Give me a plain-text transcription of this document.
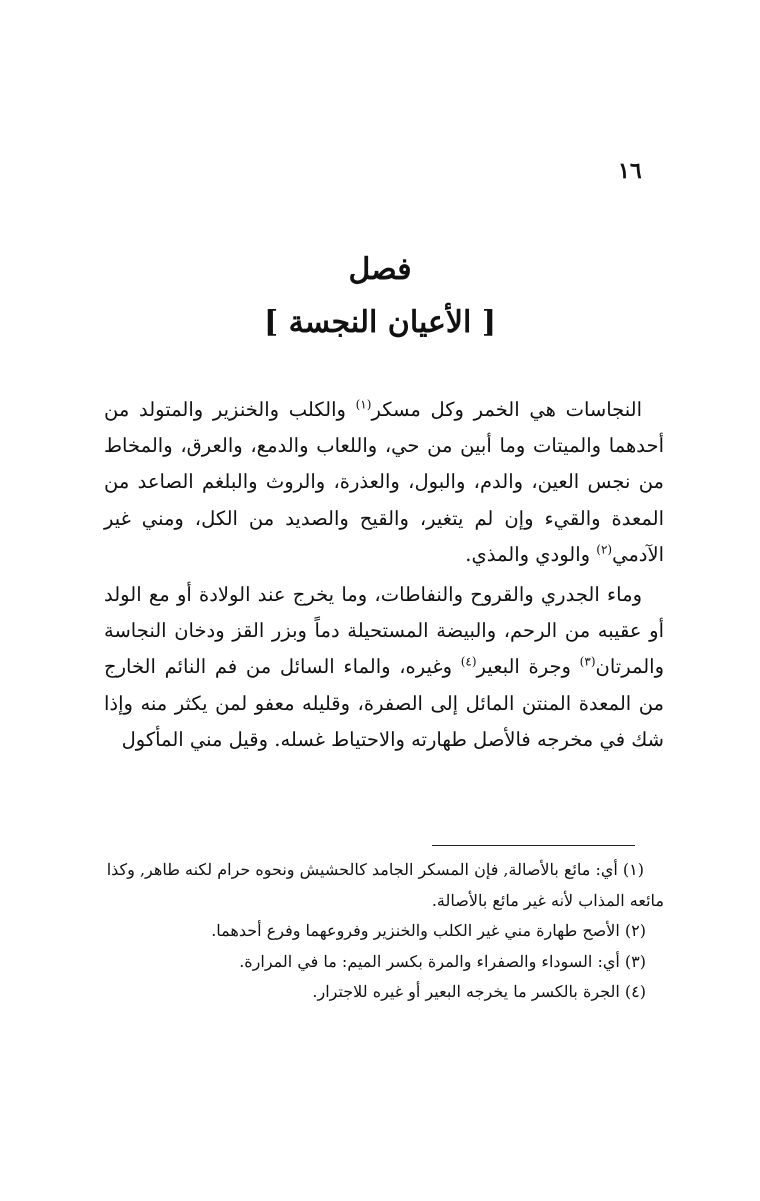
١٦
فصل
[ الأعيان النجسة ]

النجاسات هي الخمر وكل مسكر$^{(١)}$ والكلب والخنزير والمتولد من أحدهما والميتات وما أبين من حي، واللعاب والدمع، والعرق، والمخاط من نجس العين، والدم، والبول، والعذرة، والروث والبلغم الصاعد من المعدة والقيء وإن لم يتغير، والقيح والصديد من الكل، ومني غير الآدمي$^{(٢)}$ والودي والمذي.

وماء الجدري والقروح والنفاطات، وما يخرج عند الولادة أو مع الولد أو عقيبه من الرحم، والبيضة المستحيلة دماً وبزر القز ودخان النجاسة والمرتان$^{(٣)}$ وجرة البعير$^{(٤)}$ وغيره، والماء السائل من فم النائم الخارج من المعدة المنتن المائل إلى الصفرة، وقليله معفو لمن يكثر منه وإذا شك في مخرجه فالأصل طهارته والاحتياط غسله. وقيل مني المأكول

(١) أي: مائع بالأصالة, فإن المسكر الجامد كالحشيش ونحوه حرام لكنه طاهر, وكذا مائعه المذاب لأنه غير مائع بالأصالة.

(٢) الأصح طهارة مني غير الكلب والخنزير وفروعهما وفرع أحدهما.

(٣) أي: السوداء والصفراء والمرة بكسر الميم: ما في المرارة.

(٤) الجرة بالكسر ما يخرجه البعير أو غيره للاجترار.
